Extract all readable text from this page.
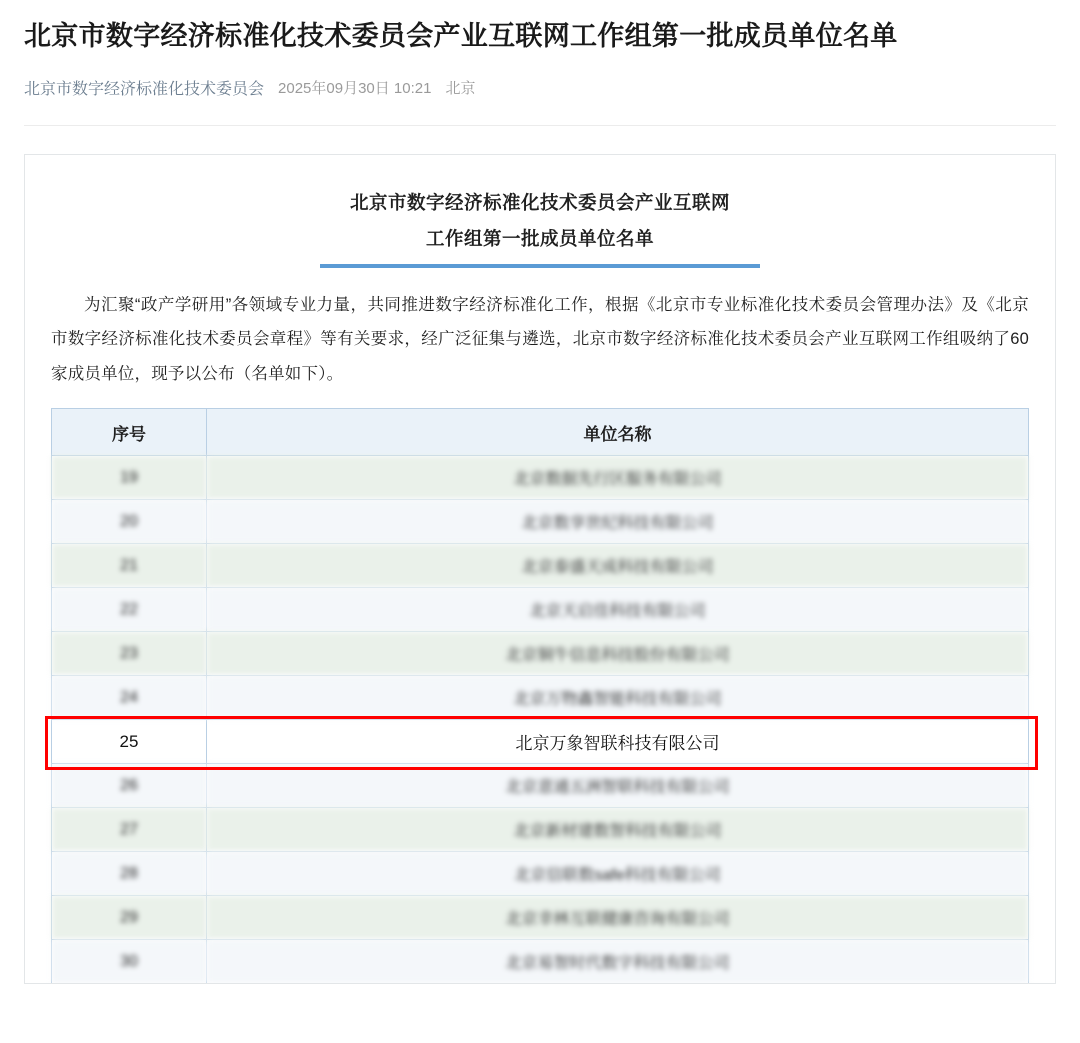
北京市数字经济标准化技术委员会产业互联网工作组第一批成员单位名单
北京市数字经济标准化技术委员会 2025年09月30日 10:21 北京
北京市数字经济标准化技术委员会产业互联网
工作组第一批成员单位名单

为汇聚“政产学研用”各领域专业力量，共同推进数字经济标准化工作，根据《北京市专业标准化技术委员会管理办法》及《北京市数字经济标准化技术委员会章程》等有关要求，经广泛征集与遴选，北京市数字经济标准化技术委员会产业互联网工作组吸纳了60家成员单位，现予以公布（名单如下）。

序号	单位名称
19	北京数据先行区服务有限公司
20	北京数享世纪科技有限公司
21	北京泰盛天成科技有限公司
22	北京天启佳科技有限公司
23	北京铜牛信息科技股份有限公司
24	北京万物鑫智能科技有限公司
25	北京万象智联科技有限公司
26	北京意通五洲智联科技有限公司
27	北京新材建数智科技有限公司
28	北京信联数safe科技有限公司
29	北京幸林互联健康咨询有限公司
30	北京易智时代数字科技有限公司
